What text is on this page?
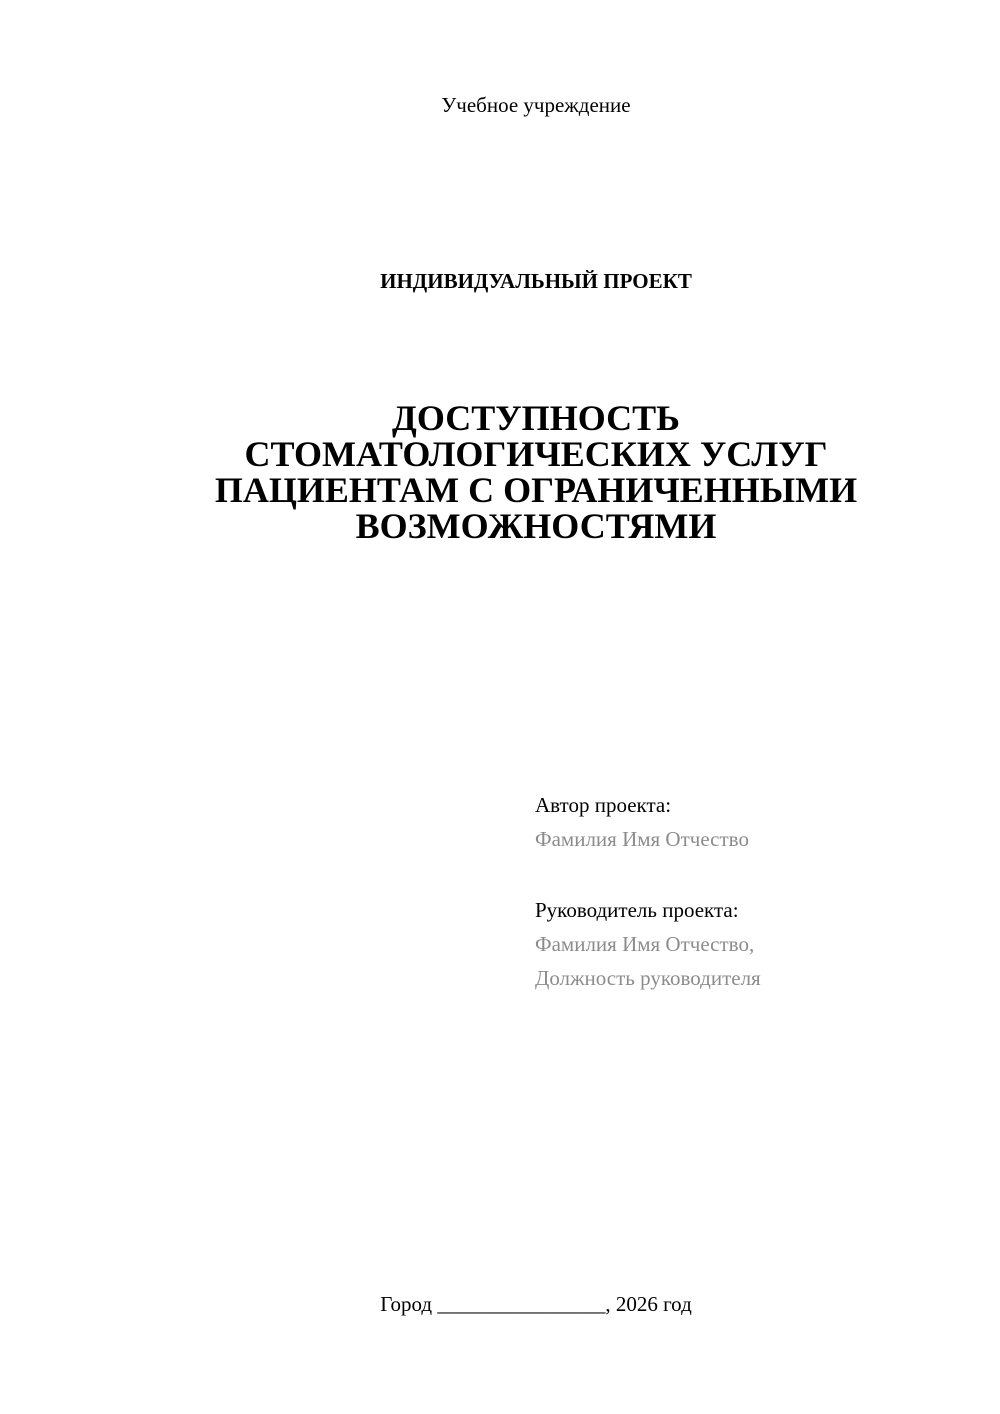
Учебное учреждение
ИНДИВИДУАЛЬНЫЙ ПРОЕКТ
ДОСТУПНОСТЬ
СТОМАТОЛОГИЧЕСКИХ УСЛУГ
ПАЦИЕНТАМ С ОГРАНИЧЕННЫМИ
ВОЗМОЖНОСТЯМИ
Автор проекта:
Фамилия Имя Отчество
Руководитель проекта:
Фамилия Имя Отчество,
Должность руководителя
Город ________________, 2026 год
